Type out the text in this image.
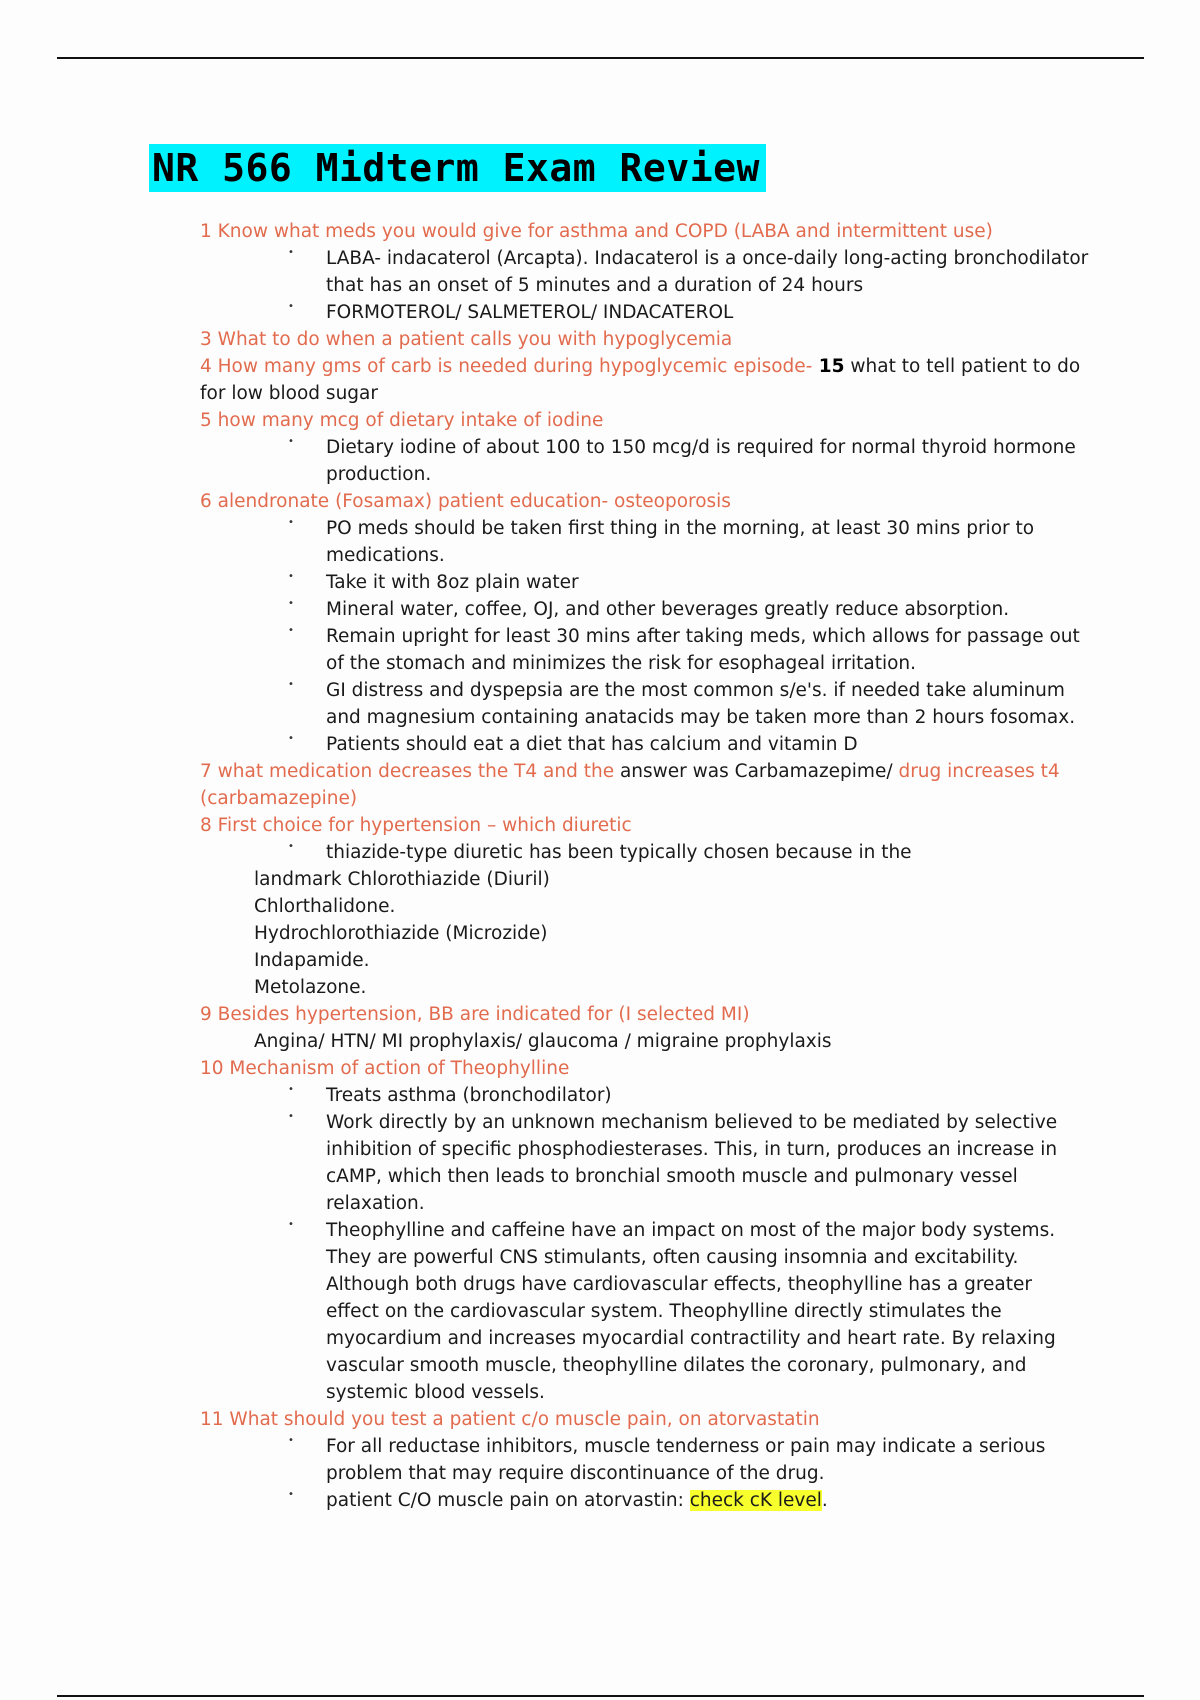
NR 566 Midterm Exam Review

1 Know what meds you would give for asthma and COPD (LABA and intermittent use)

• LABA- indacaterol (Arcapta). Indacaterol is a once-daily long-acting bronchodilator that has an onset of 5 minutes and a duration of 24 hours
• FORMOTEROL/ SALMETEROL/ INDACATEROL

3 What to do when a patient calls you with hypoglycemia

4 How many gms of carb is needed during hypoglycemic episode- 15 what to tell patient to do for low blood sugar

5 how many mcg of dietary intake of iodine

• Dietary iodine of about 100 to 150 mcg/d is required for normal thyroid hormone production.

6 alendronate (Fosamax) patient education- osteoporosis

• PO meds should be taken first thing in the morning, at least 30 mins prior to medications.
• Take it with 8oz plain water
• Mineral water, coffee, OJ, and other beverages greatly reduce absorption.
• Remain upright for least 30 mins after taking meds, which allows for passage out of the stomach and minimizes the risk for esophageal irritation.
• GI distress and dyspepsia are the most common s/e's. if needed take aluminum and magnesium containing anatacids may be taken more than 2 hours fosomax.
• Patients should eat a diet that has calcium and vitamin D

7 what medication decreases the T4 and the answer was Carbamazepime/ drug increases t4 (carbamazepine)

8 First choice for hypertension – which diuretic

• thiazide-type diuretic has been typically chosen because in the

landmark Chlorothiazide (Diuril)

Chlorthalidone.

Hydrochlorothiazide (Microzide)

Indapamide.

Metolazone.

9 Besides hypertension, BB are indicated for (I selected MI)

Angina/ HTN/ MI prophylaxis/ glaucoma / migraine prophylaxis

10 Mechanism of action of Theophylline

• Treats asthma (bronchodilator)
• Work directly by an unknown mechanism believed to be mediated by selective inhibition of specific phosphodiesterases. This, in turn, produces an increase in cAMP, which then leads to bronchial smooth muscle and pulmonary vessel relaxation.
• Theophylline and caffeine have an impact on most of the major body systems. They are powerful CNS stimulants, often causing insomnia and excitability. Although both drugs have cardiovascular effects, theophylline has a greater effect on the cardiovascular system. Theophylline directly stimulates the myocardium and increases myocardial contractility and heart rate. By relaxing vascular smooth muscle, theophylline dilates the coronary, pulmonary, and systemic blood vessels.

11 What should you test a patient c/o muscle pain, on atorvastatin

• For all reductase inhibitors, muscle tenderness or pain may indicate a serious problem that may require discontinuance of the drug.
• patient C/O muscle pain on atorvastin: check cK level.
